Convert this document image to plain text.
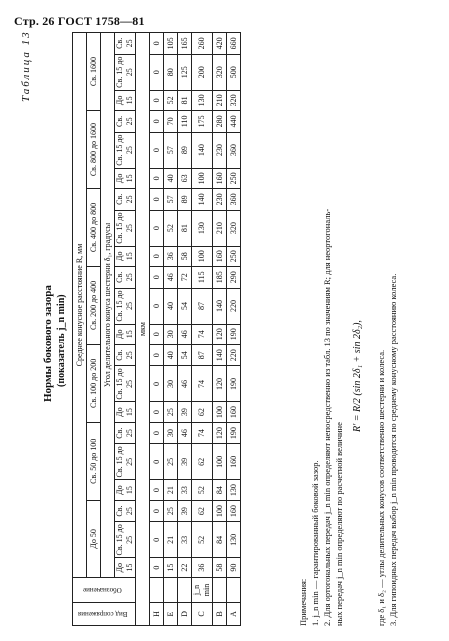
Стр. 26 ГОСТ 1758—81
Таблица 13
Нормы бокового зазора (показатель j_n min)
Вид сопряжения	Обозначение	Среднее конусное расстояние R, мм																				
		До 50			Св. 50 до 100			Св. 100 до 200			Св. 200 до 400			Св. 400 до 800			Св. 800 до 1600			Св. 1600		
		Угол делительного конуса шестерни δ₁, градусы																				
		До 15	Св. 15 до 25	Св. 25	До 15	Св. 15 до 25	Св. 25	До 15	Св. 15 до 25	Св. 25	До 15	Св. 15 до 25	Св. 25	До 15	Св. 15 до 25	Св. 25	До 15	Св. 15 до 25	Св. 25	До 15	Св. 15 до 25	Св. 25
мкм																						
H		0	0	0	0	0	0	0	0	0	0	0	0	0	0	0	0	0	0	0	0	0
E		15	21	25	21	25	30	25	30	40	30	40	46	36	52	57	40	57	70	52	80	105
D		22	33	39	33	39	46	39	46	54	46	54	72	58	81	89	63	89	110	81	125	165
C	j_n min	36	52	62	52	62	74	62	74	87	74	87	115	100	130	140	100	140	175	130	200	260
B		58	84	100	84	100	120	100	120	140	120	140	185	160	210	230	160	230	280	210	320	420
A		90	130	160	130	160	190	160	190	220	190	220	290	250	320	360	250	360	440	320	500	660
Примечания: 1. j_n min — гарантированный боковой зазор. 2. Для ортогональных передач j_n min определяют непосредственно из табл. 13 по значениям R; для неортогональ- ных передач j_n min определяют по расчетной величине
R′ = R/2 (sin 2δ₁ + sin 2δ₂), где δ₁ и δ₂ — углы делительных конусов соответственно шестерни и колеса. 3. Для гипоидных передач выбор j_n min проводится по среднему конусному расстоянию колеса.
